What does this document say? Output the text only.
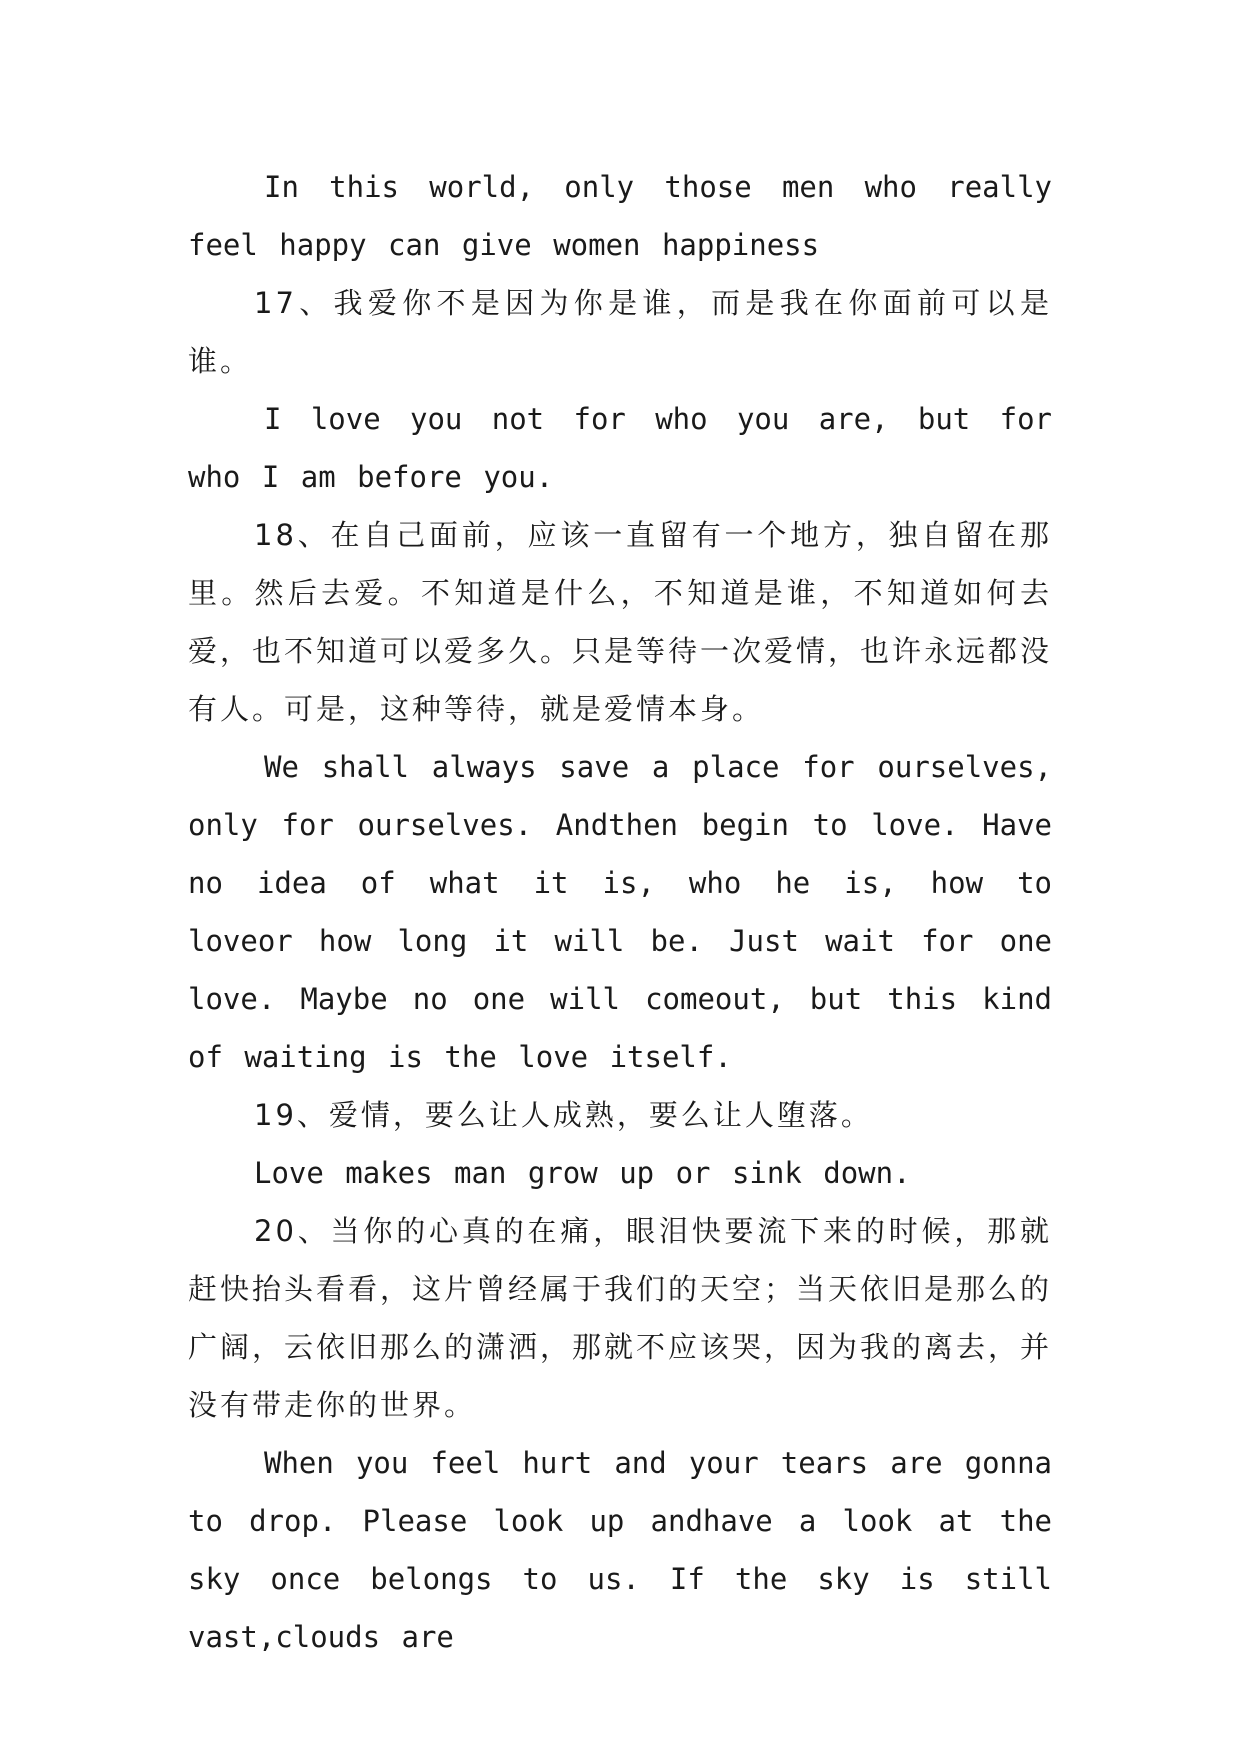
In this world, only those men who really feel happy can give women happiness

17、我爱你不是因为你是谁，而是我在你面前可以是谁。

I love you not for who you are, but for who I am before you.

18、在自己面前，应该一直留有一个地方，独自留在那里。然后去爱。不知道是什么，不知道是谁，不知道如何去爱，也不知道可以爱多久。只是等待一次爱情，也许永远都没有人。可是，这种等待，就是爱情本身。

We shall always save a place for ourselves, only for ourselves. Andthen begin to love. Have no idea of what it is, who he is, how to loveor how long it will be. Just wait for one love. Maybe no one will comeout, but this kind of waiting is the love itself.

19、爱情，要么让人成熟，要么让人堕落。

Love makes man grow up or sink down.

20、当你的心真的在痛，眼泪快要流下来的时候，那就赶快抬头看看，这片曾经属于我们的天空；当天依旧是那么的广阔，云依旧那么的潇洒，那就不应该哭，因为我的离去，并没有带走你的世界。

When you feel hurt and your tears are gonna to drop. Please look up andhave a look at the sky once belongs to us. If the sky is still vast,clouds are
